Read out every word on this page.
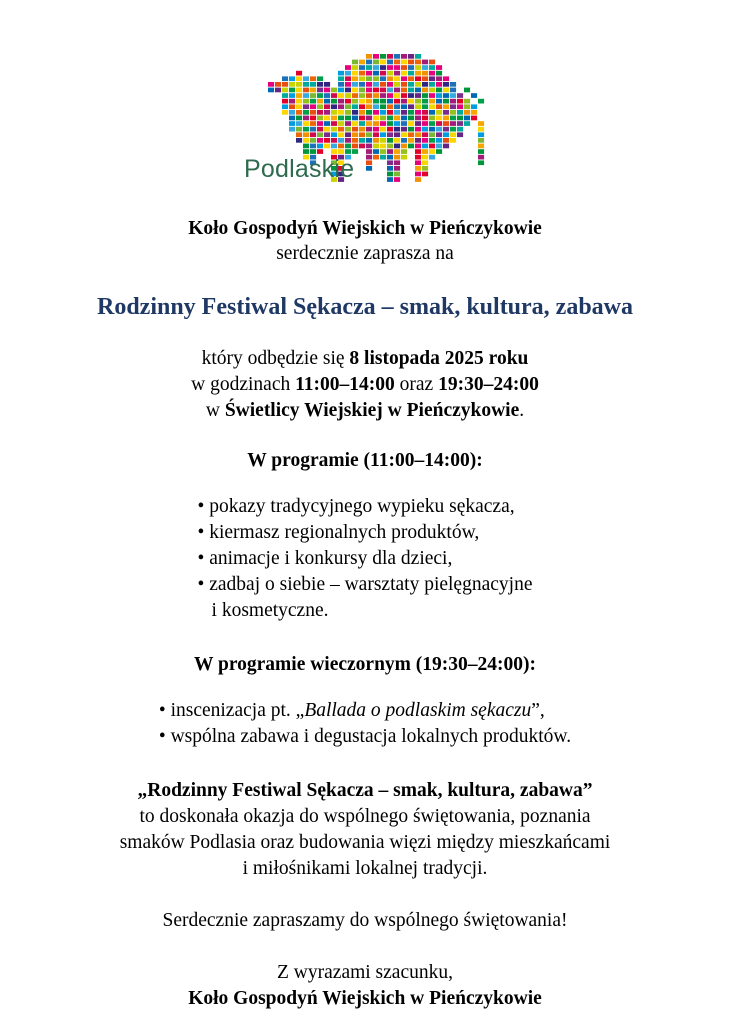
Podlaskie
Koło Gospodyń Wiejskich w Pieńczykowie
serdecznie zaprasza na
Rodzinny Festiwal Sękacza – smak, kultura, zabawa
który odbędzie się 8 listopada 2025 roku
w godzinach 11:00–14:00 oraz 19:30–24:00
w Świetlicy Wiejskiej w Pieńczykowie.
W programie (11:00–14:00):
• pokazy tradycyjnego wypieku sękacza,
• kiermasz regionalnych produktów,
• animacje i konkursy dla dzieci,
• zadbaj o siebie – warsztaty pielęgnacyjne
i kosmetyczne.
W programie wieczornym (19:30–24:00):
• inscenizacja pt. „Ballada o podlaskim sękaczu”,
• wspólna zabawa i degustacja lokalnych produktów.
„Rodzinny Festiwal Sękacza – smak, kultura, zabawa”
to doskonała okazja do wspólnego świętowania, poznania
smaków Podlasia oraz budowania więzi między mieszkańcami
i miłośnikami lokalnej tradycji.
Serdecznie zapraszamy do wspólnego świętowania!
Z wyrazami szacunku,
Koło Gospodyń Wiejskich w Pieńczykowie
